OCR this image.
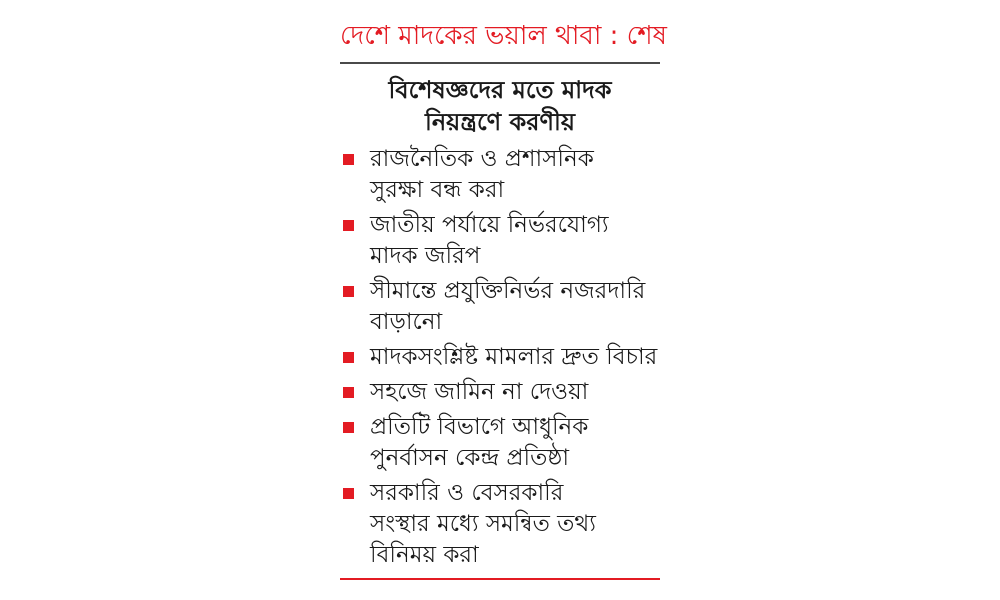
দেশে মাদকের ভয়াল থাবা : শেষ
বিশেষজ্ঞদের মতে মাদক
নিয়ন্ত্রণে করণীয়
রাজনৈতিক ও প্রশাসনিক
সুরক্ষা বন্ধ করা
জাতীয় পর্যায়ে নির্ভরযোগ্য
মাদক জরিপ
সীমান্তে প্রযুক্তিনির্ভর নজরদারি
বাড়ানো
মাদকসংশ্লিষ্ট মামলার দ্রুত বিচার
সহজে জামিন না দেওয়া
প্রতিটি বিভাগে আধুনিক
পুনর্বাসন কেন্দ্র প্রতিষ্ঠা
সরকারি ও বেসরকারি
সংস্থার মধ্যে সমন্বিত তথ্য
বিনিময় করা
